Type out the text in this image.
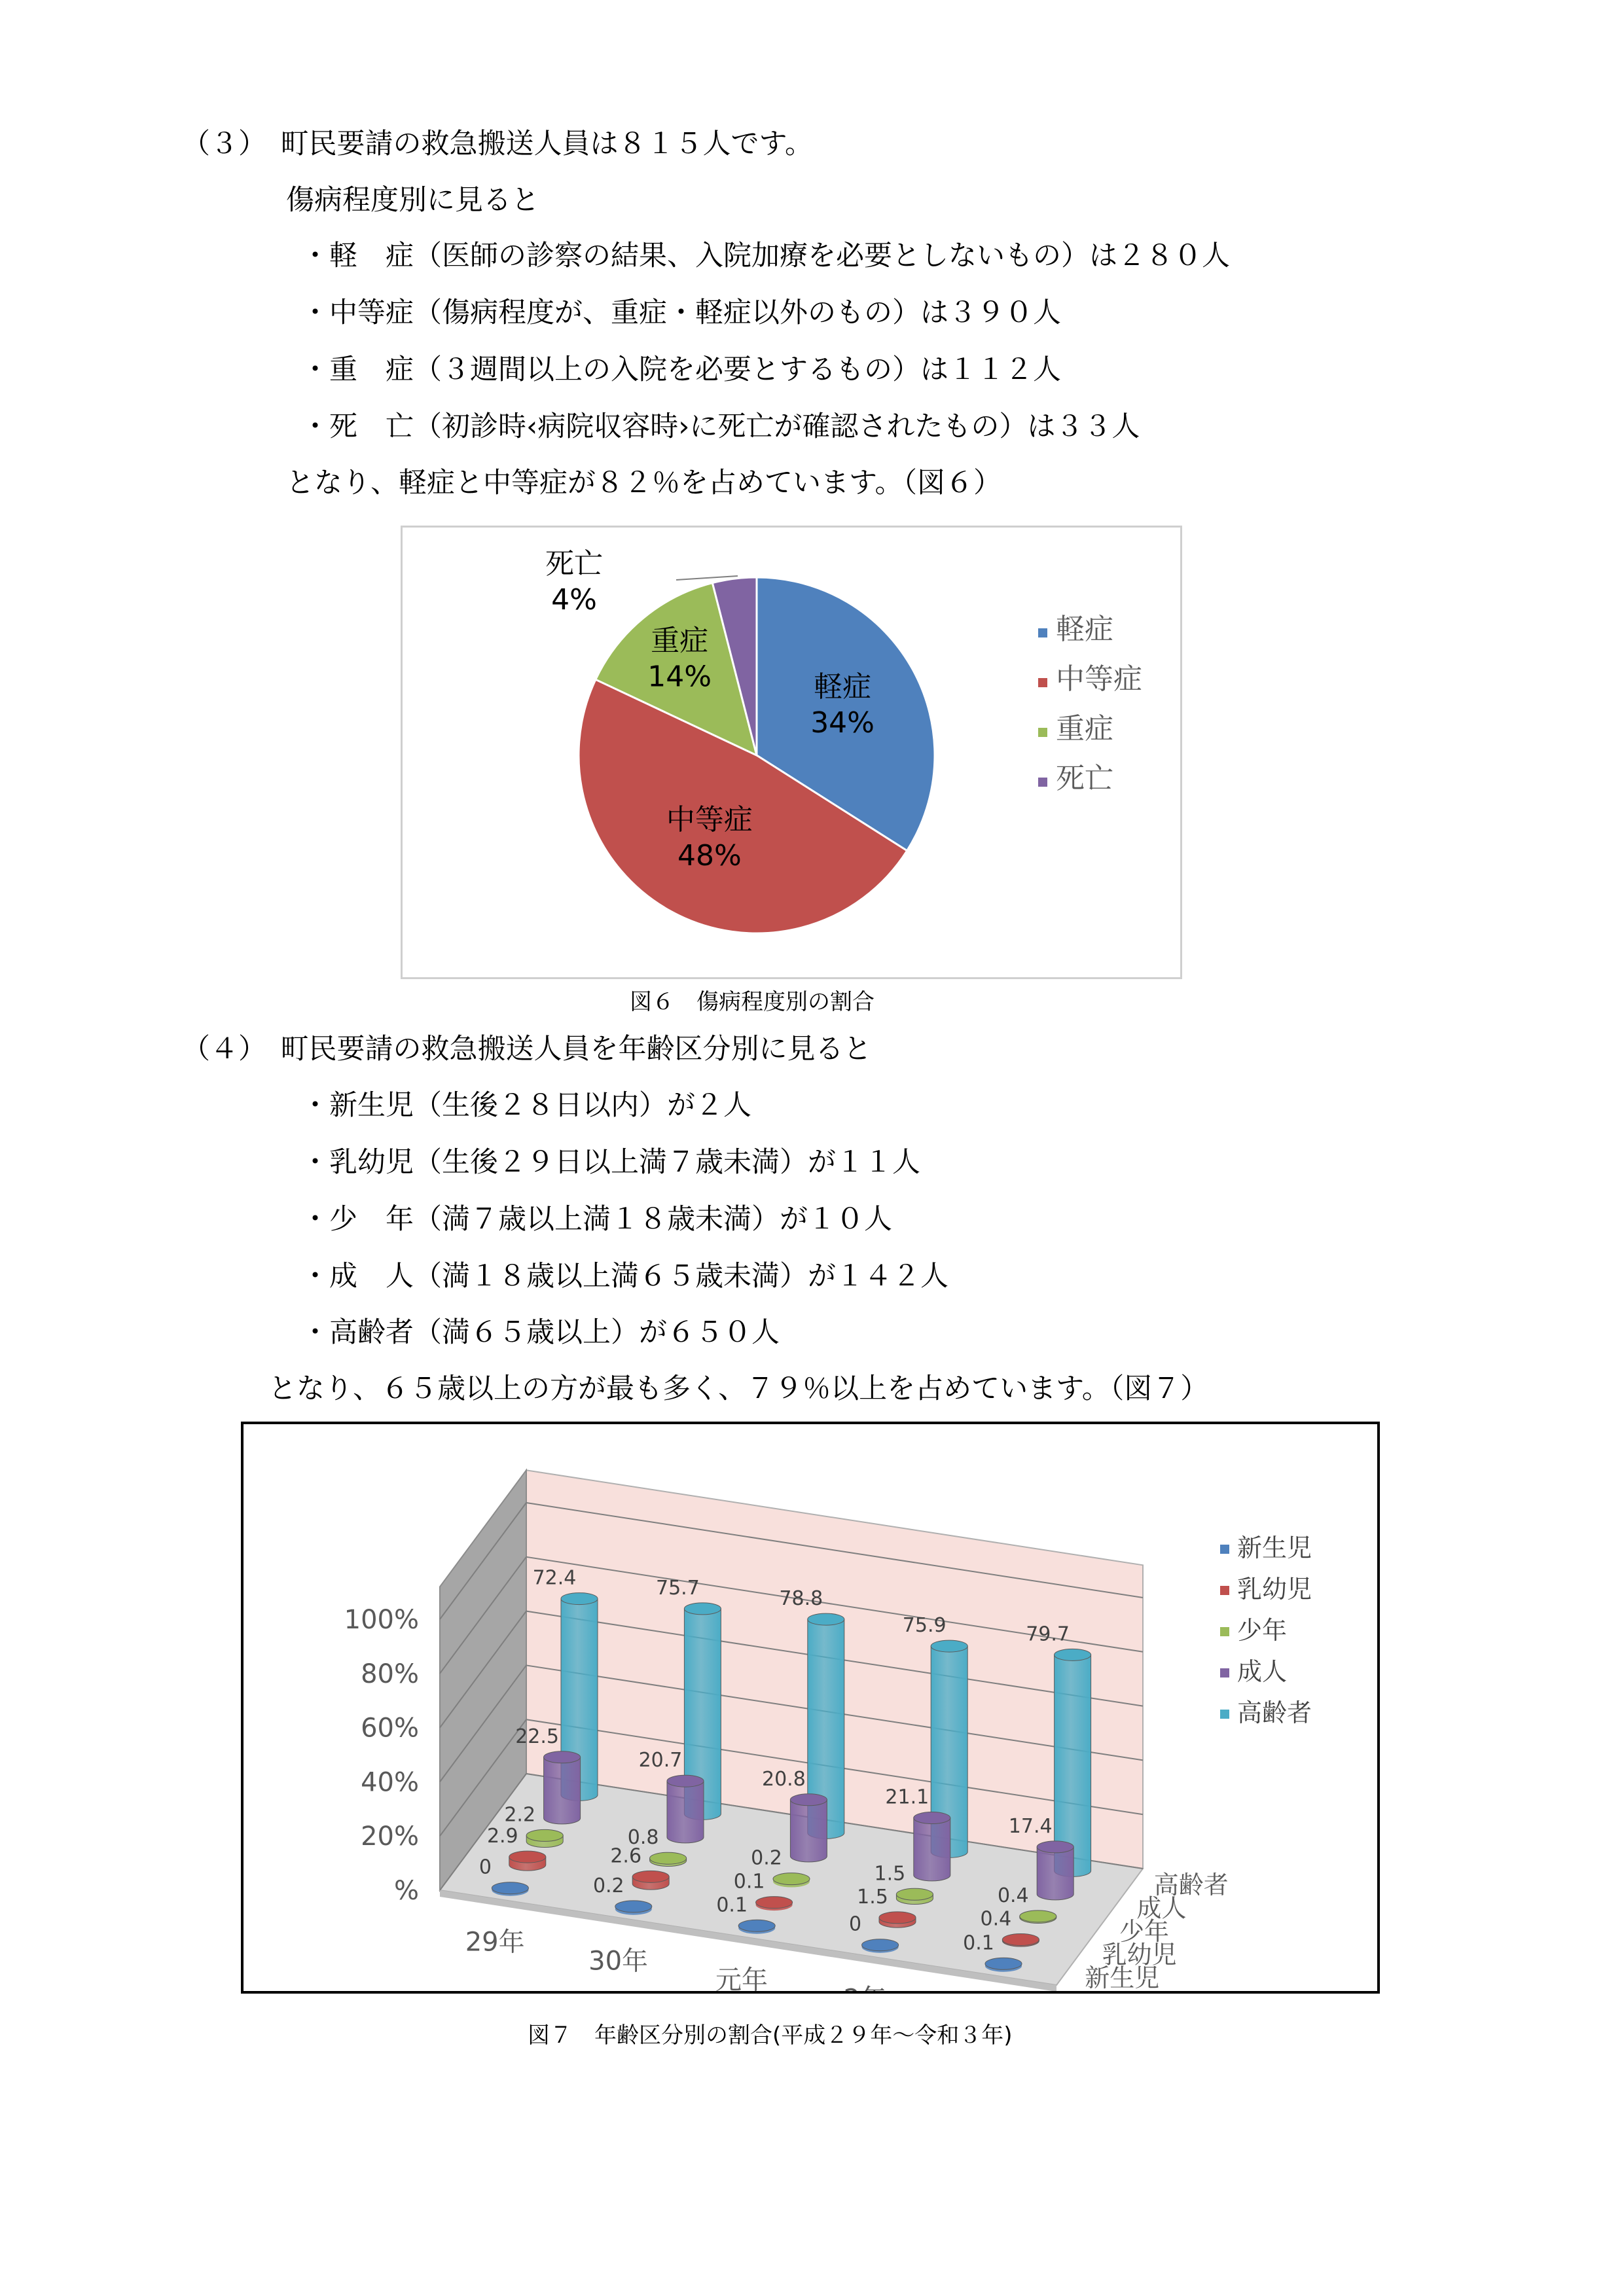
（３）　町民要請の救急搬送人員は８１５人です。
傷病程度別に見ると
・軽　症（医師の診察の結果、入院加療を必要としないもの）は２８０人
・中等症（傷病程度が、重症・軽症以外のもの）は３９０人
・重　症（３週間以上の入院を必要とするもの）は１１２人
・死　亡（初診時‹病院収容時›に死亡が確認されたもの）は３３人
となり、軽症と中等症が８２％を占めています。（図６）
軽症
34%
中等症
48%
重症
14%
死亡
4%
軽症
中等症
重症
死亡
図６　傷病程度別の割合
（４）　町民要請の救急搬送人員を年齢区分別に見ると
・新生児（生後２８日以内）が２人
・乳幼児（生後２９日以上満７歳未満）が１１人
・少　年（満７歳以上満１８歳未満）が１０人
・成　人（満１８歳以上満６５歳未満）が１４２人
・高齢者（満６５歳以上）が６５０人
となり、６５歳以上の方が最も多く、７９％以上を占めています。（図７）
%
20%
40%
60%
80%
100%
29年
30年
元年	新生児
乳幼児
少年
成人
高齢者
72.4	75.7	78.8
75.9	79.7
22.5
20.7
20.8
21.1
17.4
2.2
0.8
0.2
1.5
0.4
2.9
2.6
0.1
1.5
0.4
0
0.2
0.1
0
0.1
新生児
乳幼児
少年
成人
高齢者
図７　年齢区分別の割合(平成２９年～令和３年)
